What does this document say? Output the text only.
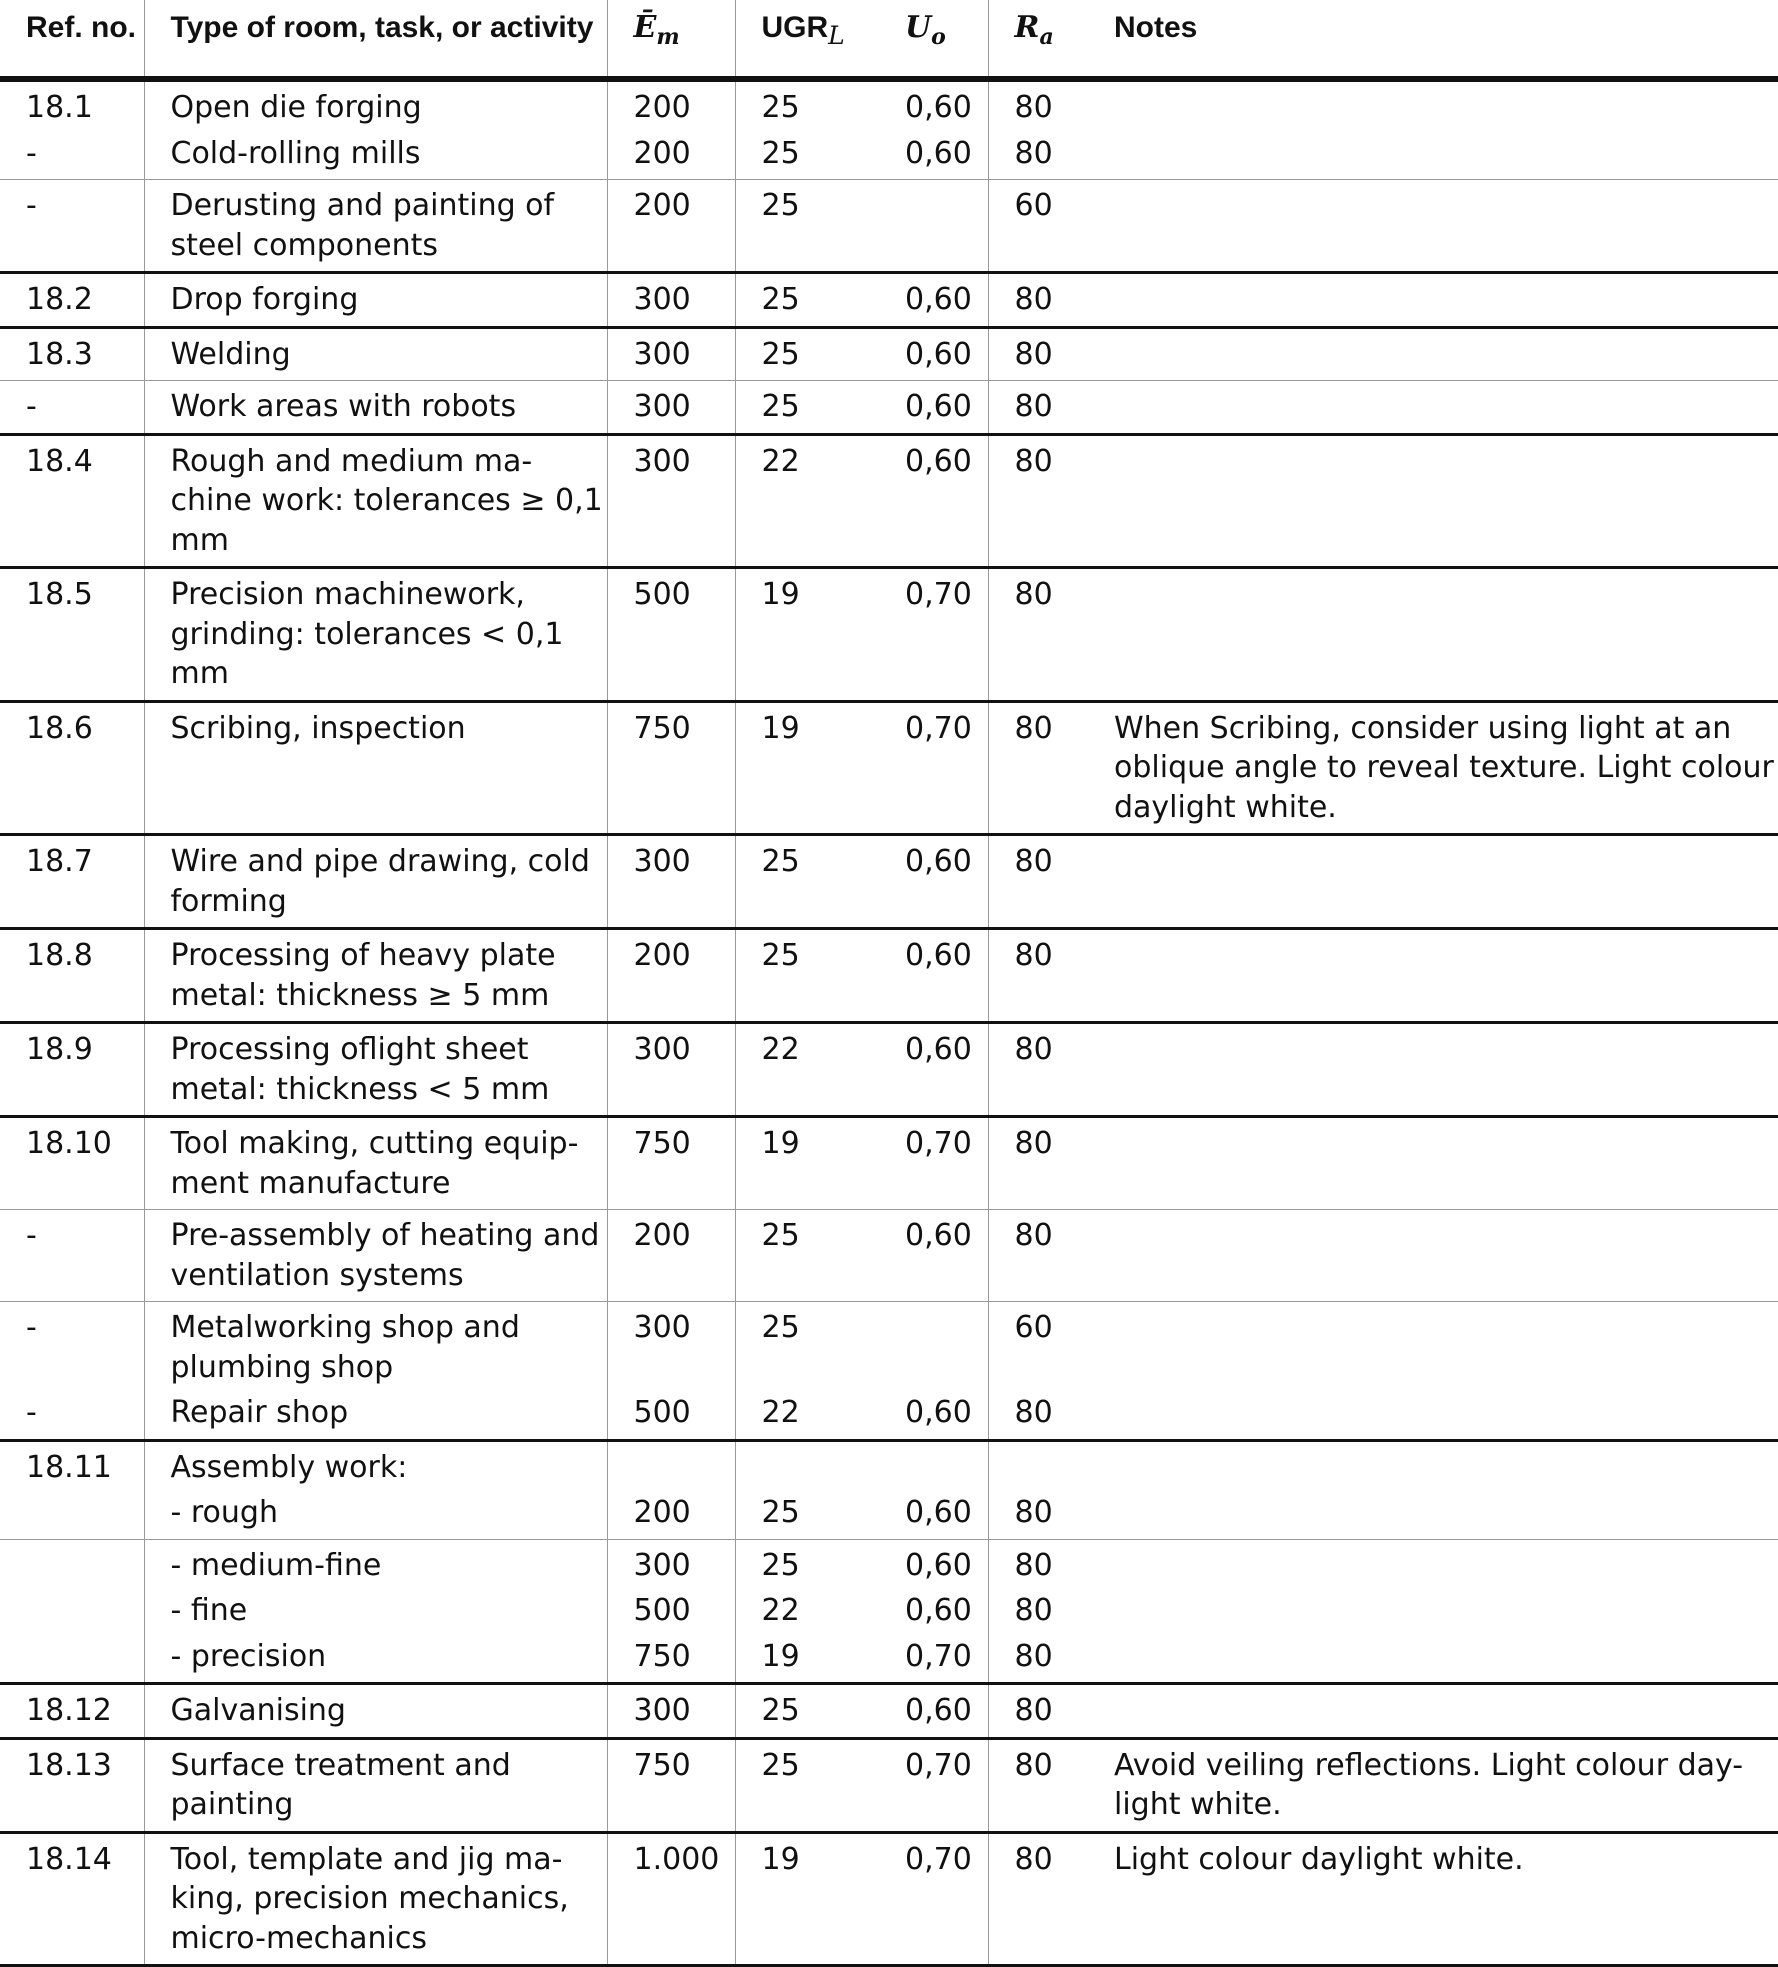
Ref. no.	Type of room, task, or activity	$Ē_m$	$UGR_L$	$U_o$	$R_a$	Notes
18.1	Open die forging	200	25	0,60	80	
-	Cold-rolling mills	200	25	0,60	80	
-	Derusting and painting of steel components	200	25		60	
18.2	Drop forging	300	25	0,60	80	
18.3	Welding	300	25	0,60	80	
-	Work areas with robots	300	25	0,60	80	
18.4	Rough and medium ma-chine work: tolerances ≥ 0,1 mm	300	22	0,60	80	
18.5	Precision machinework, grinding: tolerances < 0,1 mm	500	19	0,70	80	
18.6	Scribing, inspection	750	19	0,70	80	When Scribing, consider using light at an oblique angle to reveal texture. Light colour daylight white.
18.7	Wire and pipe drawing, cold forming	300	25	0,60	80	
18.8	Processing of heavy plate metal: thickness ≥ 5 mm	200	25	0,60	80	
18.9	Processing oflight sheet metal: thickness < 5 mm	300	22	0,60	80	
18.10	Tool making, cutting equip-ment manufacture	750	19	0,70	80	
-	Pre-assembly of heating and ventilation systems	200	25	0,60	80	
-	Metalworking shop and plumbing shop	300	25		60	
-	Repair shop	500	22	0,60	80	
18.11	Assembly work:					
	- rough	200	25	0,60	80	
	- medium-fine	300	25	0,60	80	
	- fine	500	22	0,60	80	
	- precision	750	19	0,70	80	
18.12	Galvanising	300	25	0,60	80	
18.13	Surface treatment and painting	750	25	0,70	80	Avoid veiling reflections. Light colour day-light white.
18.14	Tool, template and jig ma-king, precision mechanics, micro-mechanics	1.000	19	0,70	80	Light colour daylight white.
